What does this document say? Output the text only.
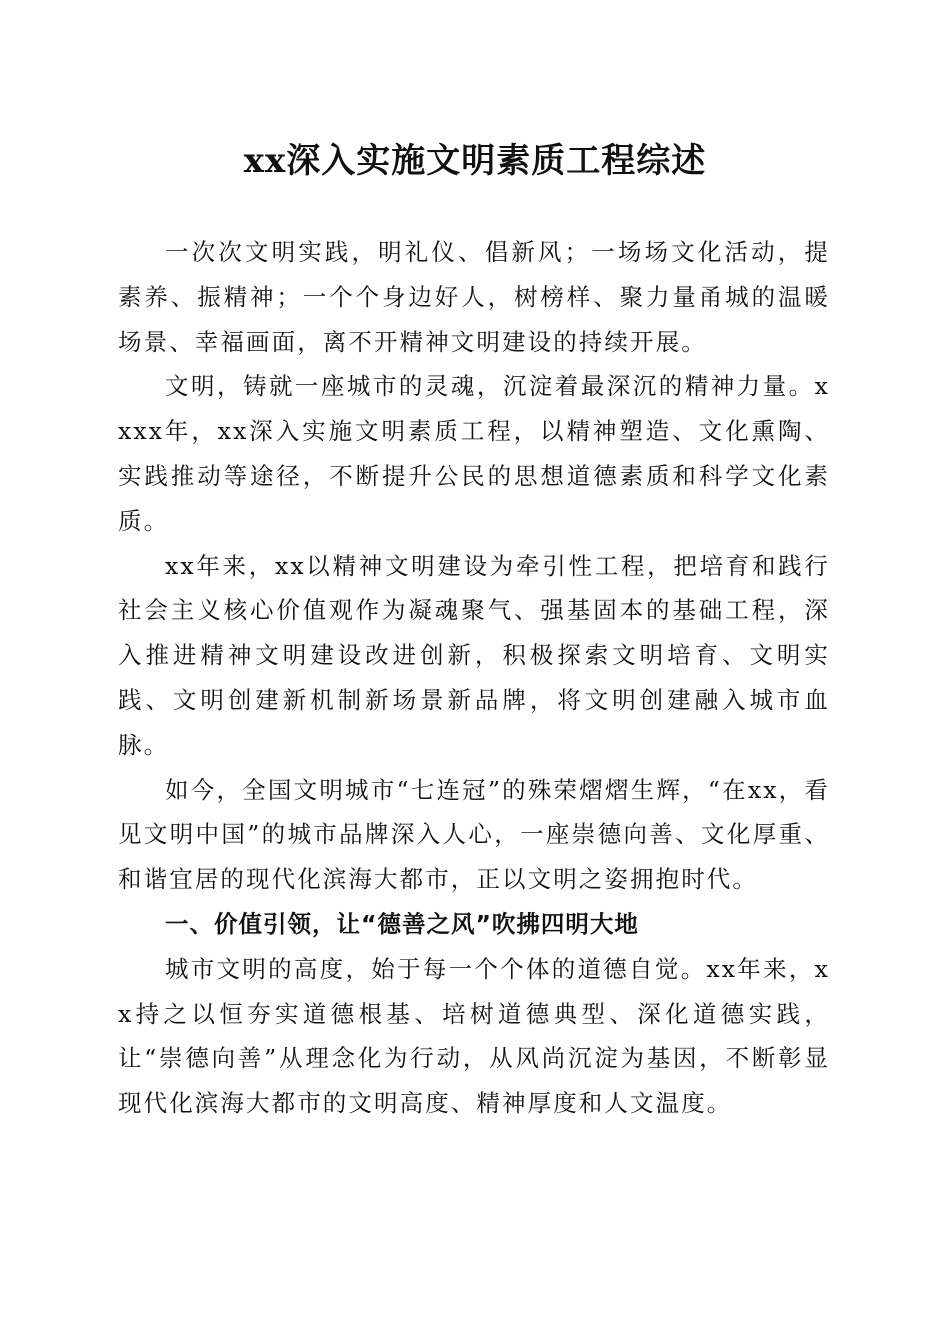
xx深入实施文明素质工程综述

一次次文明实践，明礼仪、倡新风；一场场文化活动，提素养、振精神；一个个身边好人，树榜样、聚力量甬城的温暖场景、幸福画面，离不开精神文明建设的持续开展。

文明，铸就一座城市的灵魂，沉淀着最深沉的精神力量。xxxx年，xx深入实施文明素质工程，以精神塑造、文化熏陶、实践推动等途径，不断提升公民的思想道德素质和科学文化素质。

xx年来，xx以精神文明建设为牵引性工程，把培育和践行社会主义核心价值观作为凝魂聚气、强基固本的基础工程，深入推进精神文明建设改进创新，积极探索文明培育、文明实践、文明创建新机制新场景新品牌，将文明创建融入城市血脉。

如今，全国文明城市“七连冠”的殊荣熠熠生辉，“在xx，看见文明中国”的城市品牌深入人心，一座崇德向善、文化厚重、和谐宜居的现代化滨海大都市，正以文明之姿拥抱时代。

一、价值引领，让“德善之风”吹拂四明大地

城市文明的高度，始于每一个个体的道德自觉。xx年来，xx持之以恒夯实道德根基、培树道德典型、深化道德实践，让“崇德向善”从理念化为行动，从风尚沉淀为基因，不断彰显现代化滨海大都市的文明高度、精神厚度和人文温度。
